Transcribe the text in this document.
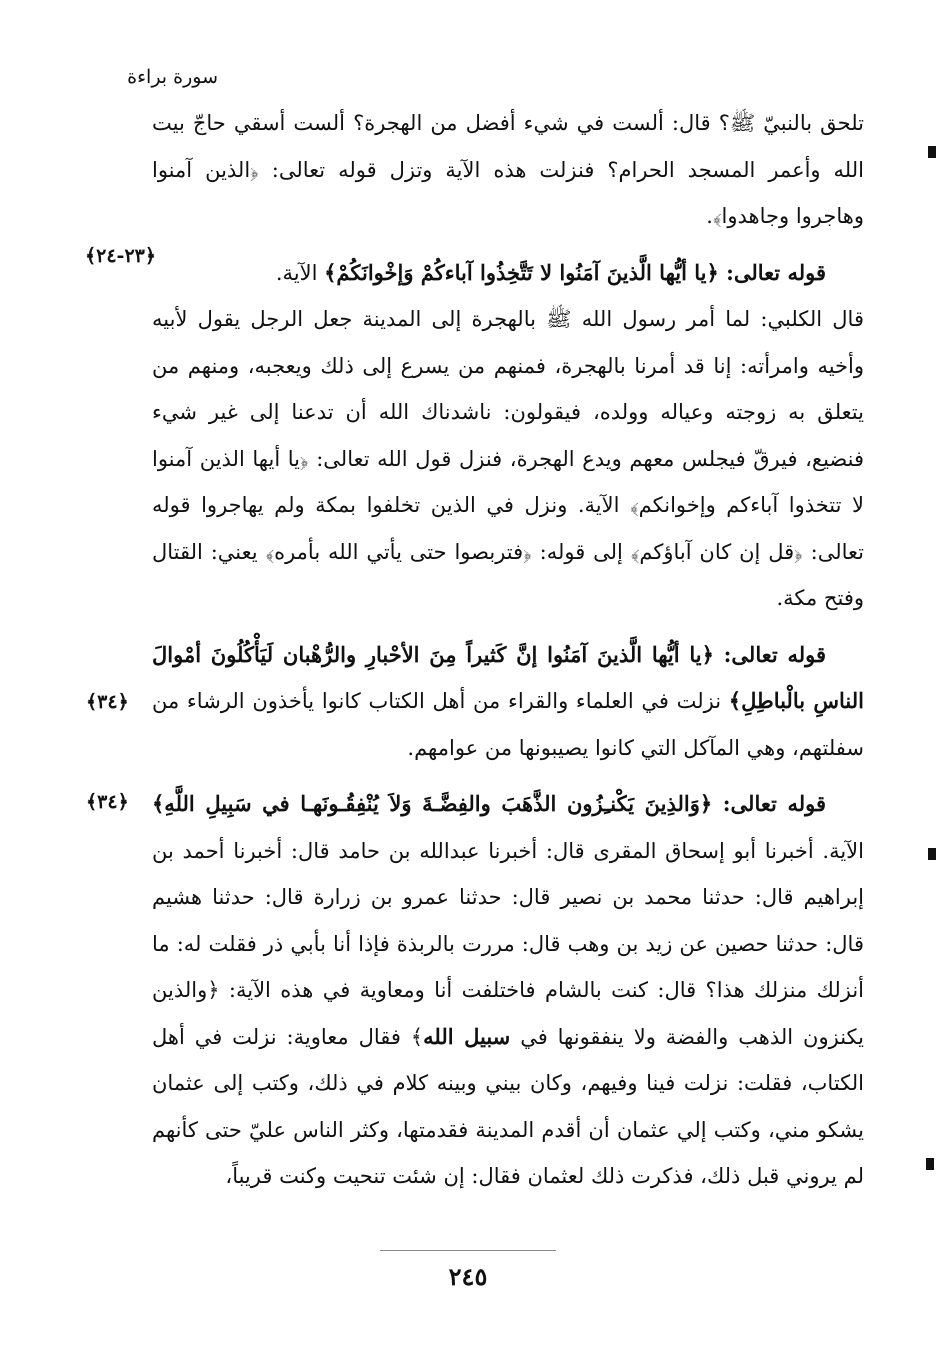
سورة براءة
﴿٢٣-٢٤﴾
﴿٣٤﴾
﴿٣٤﴾

تلحق بالنبيّ ﷺ؟ قال: ألست في شيء أفضل من الهجرة؟ ألست أسقي حاجّ بيت الله وأعمر المسجد الحرام؟ فنزلت هذه الآية وتزل قوله تعالى: ﴿الذين آمنوا وهاجروا وجاهدوا﴾.

قوله تعالى: ﴿يا أيُّها الَّذينَ آمَنُوا لا تَتَّخِذُوا آباءكُمْ وَإخْوانَكُمْ﴾ الآية.

قال الكلبي: لما أمر رسول الله ﷺ بالهجرة إلى المدينة جعل الرجل يقول لأبيه وأخيه وامرأته: إنا قد أمرنا بالهجرة، فمنهم من يسرع إلى ذلك ويعجبه، ومنهم من يتعلق به زوجته وعياله وولده، فيقولون: ناشدناك الله أن تدعنا إلى غير شيء فنضيع، فيرقّ فيجلس معهم ويدع الهجرة، فنزل قول الله تعالى: ﴿يا أيها الذين آمنوا لا تتخذوا آباءكم وإخوانكم﴾ الآية. ونزل في الذين تخلفوا بمكة ولم يهاجروا قوله تعالى: ﴿قل إن كان آباؤكم﴾ إلى قوله: ﴿فتربصوا حتى يأتي الله بأمره﴾ يعني: القتال وفتح مكة.

قوله تعالى: ﴿يا أيُّها الَّذينَ آمَنُوا إنَّ كَثيراً مِنَ الأحْبارِ والرُّهْبان لَيَأْكُلُونَ أمْوالَ الناسِ بالْباطِلِ﴾ نزلت في العلماء والقراء من أهل الكتاب كانوا يأخذون الرشاء من سفلتهم، وهي المآكل التي كانوا يصيبونها من عوامهم.

قوله تعالى: ﴿وَالذِينَ يَكْنـِزُون الذَّهَبَ والفِضَّـةَ وَلاَ يُنْفِقُـونَهـا في سَبِيلِ اللَّهِ﴾ الآية. أخبرنا أبو إسحاق المقرى قال: أخبرنا عبدالله بن حامد قال: أخبرنا أحمد بن إبراهيم قال: حدثنا محمد بن نصير قال: حدثنا عمرو بن زرارة قال: حدثنا هشيم قال: حدثنا حصين عن زيد بن وهب قال: مررت بالربذة فإذا أنا بأبي ذر فقلت له: ما أنزلك منزلك هذا؟ قال: كنت بالشام فاختلفت أنا ومعاوية في هذه الآية: ﴿والذين يكنزون الذهب والفضة ولا ينفقونها في سبيل الله﴾ فقال معاوية: نزلت في أهل الكتاب، فقلت: نزلت فينا وفيهم، وكان بيني وبينه كلام في ذلك، وكتب إلى عثمان يشكو مني، وكتب إلي عثمان أن أقدم المدينة فقدمتها، وكثر الناس عليّ حتى كأنهم لم يروني قبل ذلك، فذكرت ذلك لعثمان فقال: إن شئت تنحيت وكنت قريباً،

٢٤٥
